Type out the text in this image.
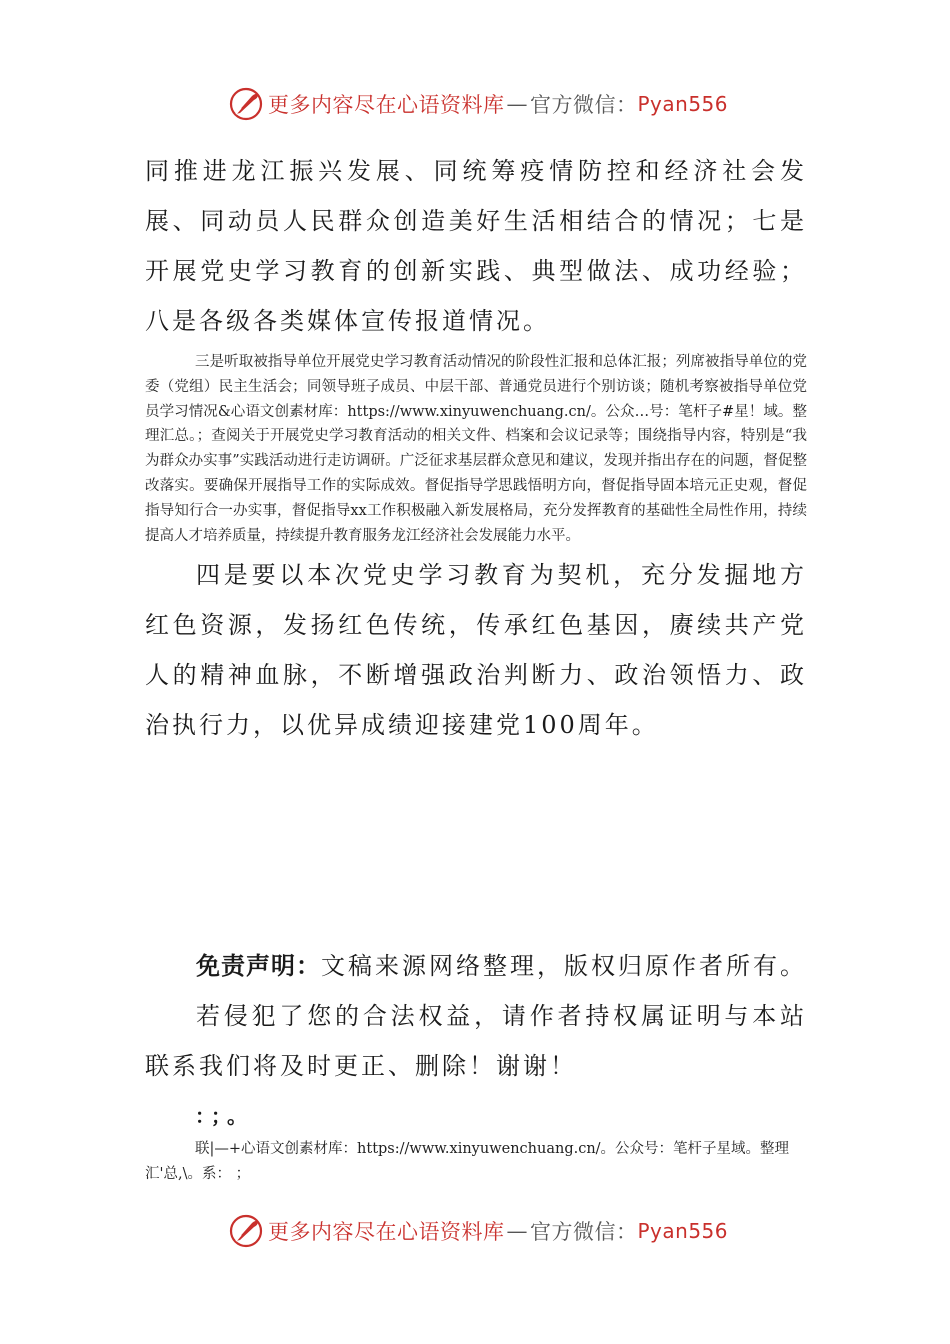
更多内容尽在心语资料库 — 官方微信： Pyan556

同推进龙江振兴发展、同统筹疫情防控和经济社会发展、同动员人民群众创造美好生活相结合的情况；七是开展党史学习教育的创新实践、典型做法、成功经验；八是各级各类媒体宣传报道情况。

三是听取被指导单位开展党史学习教育活动情况的阶段性汇报和总体汇报；列席被指导单位的党委（党组）民主生活会；同领导班子成员、中层干部、普通党员进行个别访谈；随机考察被指导单位党员学习情况&心语文创素材库：https://www.xinyuwenchuang.cn/。公众…号：笔杆子#星！域。整理汇总。；查阅关于开展党史学习教育活动的相关文件、档案和会议记录等；围绕指导内容，特别是“我为群众办实事”实践活动进行走访调研。广泛征求基层群众意见和建议，发现并指出存在的问题，督促整改落实。要确保开展指导工作的实际成效。督促指导学思践悟明方向，督促指导固本培元正史观，督促指导知行合一办实事，督促指导xx工作积极融入新发展格局，充分发挥教育的基础性全局性作用，持续提高人才培养质量，持续提升教育服务龙江经济社会发展能力水平。

四是要以本次党史学习教育为契机，充分发掘地方红色资源，发扬红色传统，传承红色基因，赓续共产党人的精神血脉，不断增强政治判断力、政治领悟力、政治执行力，以优异成绩迎接建党100周年。

免责声明：文稿来源网络整理，版权归原作者所有。

若侵犯了您的合法权益，请作者持权属证明与本站联系我们将及时更正、删除！谢谢！

：；。

联|—+心语文创素材库：https://www.xinyuwenchuang.cn/。公众号：笔杆子星域。整理汇'总,\。系： ；

更多内容尽在心语资料库 — 官方微信： Pyan556
